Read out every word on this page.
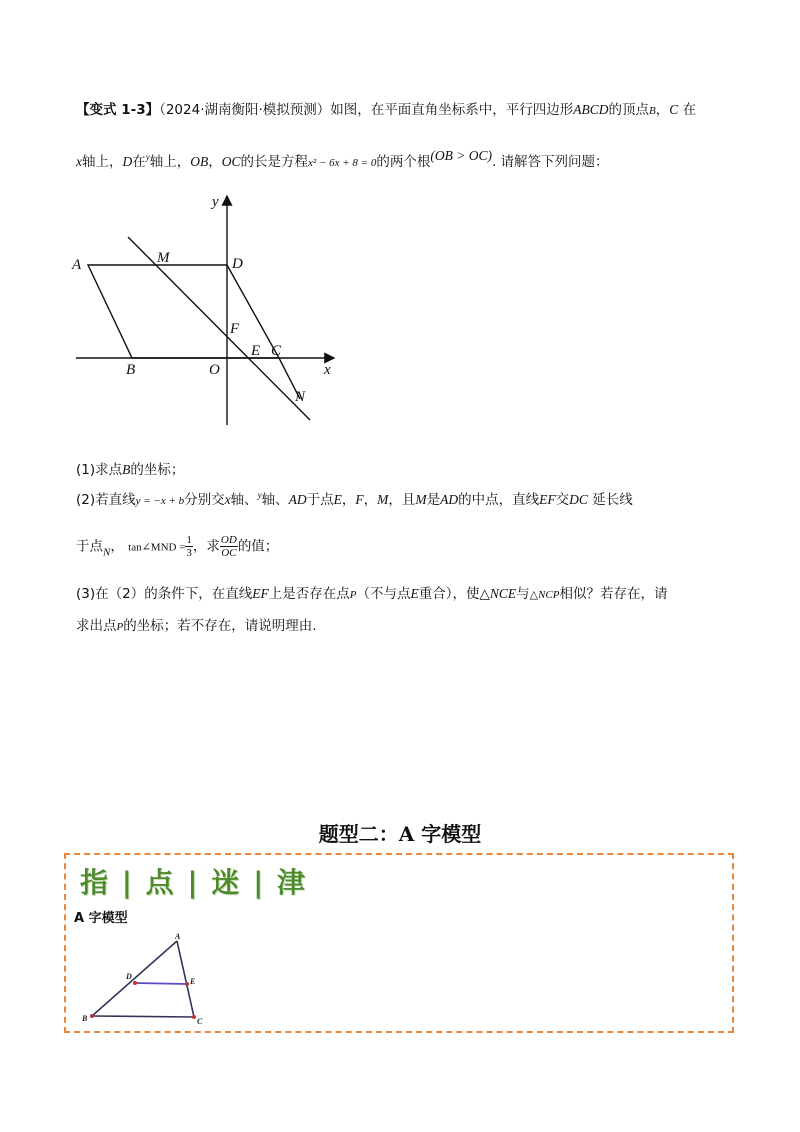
【变式 1-3】（2024·湖南衡阳·模拟预测）如图，在平面直角坐标系中，平行四边形ABCD的顶点B，C 在
x轴上，D在$^y$轴上，OB，OC的长是方程x² − 6x + 8 = 0的两个根(OB > OC). 请解答下列问题：
A	M	D
y
F
E C
B	O	x
N
(1)求点B的坐标；
(2)若直线y = −x + b分别交x轴、$^y$轴、AD于点E，F，M，且M是AD的中点，直线EF交DC 延长线
于点$_N$， tan∠MND = $\frac{1}{3}$ ，求 $\frac{OD}{OC}$ 的值；
(3)在（2）的条件下，在直线EF上是否存在点P（不与点E重合），使△NCE与△NCP相似？若存在，请
求出点P的坐标；若不存在，请说明理由.
题型二：A 字模型
指 | 点 | 迷 | 津
A 字模型
A
D
E
B	C
